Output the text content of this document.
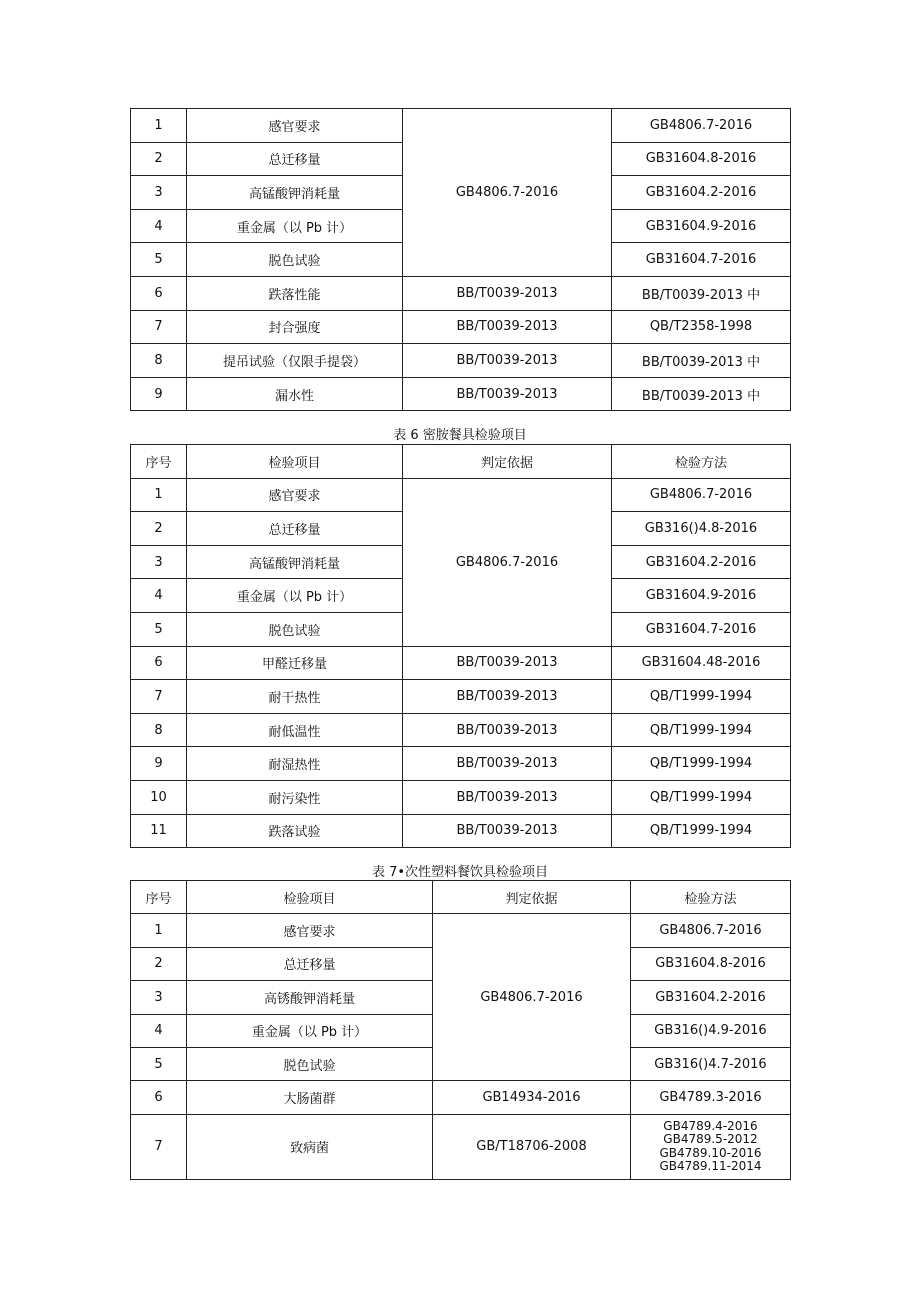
1	感官要求	GB4806.7-2016	GB4806.7-2016
2	总迁移量		GB31604.8-2016
3	高锰酸钾消耗量		GB31604.2-2016
4	重金属（以 Pb 计）		GB31604.9-2016
5	脱色试验		GB31604.7-2016
6	跌落性能	BB/T0039-2013	BB/T0039-2013 中
7	封合强度	BB/T0039-2013	QB/T2358-1998
8	提吊试验（仅限手提袋）	BB/T0039-2013	BB/T0039-2013 中
9	漏水性	BB/T0039-2013	BB/T0039-2013 中
表 6 密胺餐具检验项目
序号	检验项目	判定依据	检验方法
1	感官要求	GB4806.7-2016	GB4806.7-2016
2	总迁移量		GB316()4.8-2016
3	高锰酸钾消耗量		GB31604.2-2016
4	重金属（以 Pb 计）		GB31604.9-2016
5	脱色试验		GB31604.7-2016
6	甲醛迁移量	BB/T0039-2013	GB31604.48-2016
7	耐干热性	BB/T0039-2013	QB/T1999-1994
8	耐低温性	BB/T0039-2013	QB/T1999-1994
9	耐湿热性	BB/T0039-2013	QB/T1999-1994
10	耐污染性	BB/T0039-2013	QB/T1999-1994
11	跌落试验	BB/T0039-2013	QB/T1999-1994
表 7•次性塑料餐饮具检验项目
序号	检验项目	判定依据	检验方法
1	感官要求	GB4806.7-2016	GB4806.7-2016
2	总迁移量		GB31604.8-2016
3	高锈酸钾消耗量		GB31604.2-2016
4	重金属（以 Pb 计）		GB316()4.9-2016
5	脱色试验		GB316()4.7-2016
6	大肠菌群	GB14934-2016	GB4789.3-2016
7	致病菌	GB/T18706-2008	GB4789.4-2016
GB4789.5-2012
GB4789.10-2016
GB4789.11-2014
